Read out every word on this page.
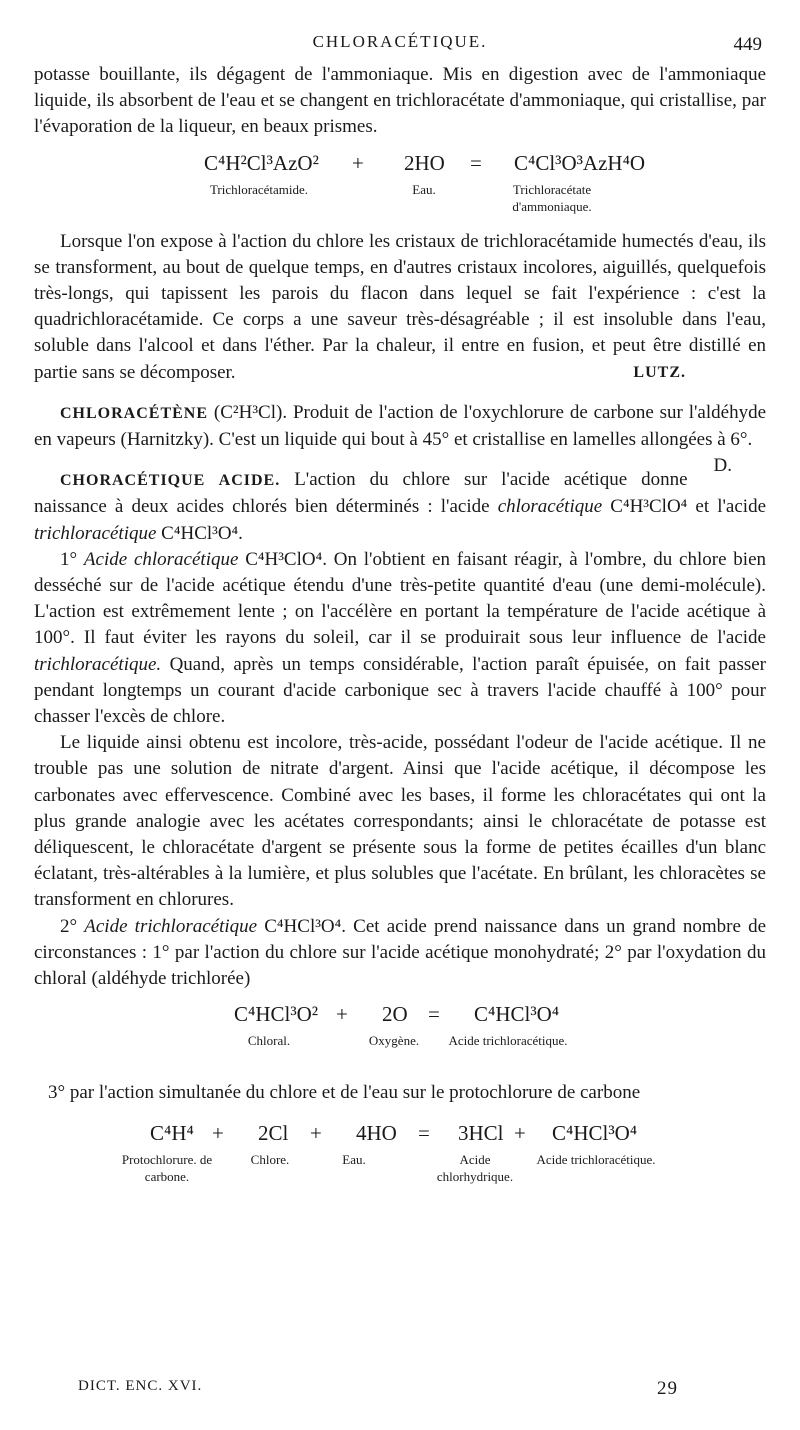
CHLORACÉTIQUE.	449

potasse bouillante, ils dégagent de l'ammoniaque. Mis en digestion avec de l'ammoniaque liquide, ils absorbent de l'eau et se changent en trichloracétate d'ammoniaque, qui cristallise, par l'évaporation de la liqueur, en beaux prismes.

C⁴H²Cl³AzO² + 2HO = C⁴Cl³O³AzH⁴O
Trichloracétamide.	Eau.	Trichloracétate d'ammoniaque.

Lorsque l'on expose à l'action du chlore les cristaux de trichloracétamide humectés d'eau, ils se transforment, au bout de quelque temps, en d'autres cristaux incolores, aiguillés, quelquefois très-longs, qui tapissent les parois du flacon dans lequel se fait l'expérience : c'est la quadrichloracétamide. Ce corps a une saveur très-désagréable ; il est insoluble dans l'eau, soluble dans l'alcool et dans l'éther. Par la chaleur, il entre en fusion, et peut être distillé en partie sans se décomposer.	LUTZ.

CHLORACÉTÈNE (C²H³Cl). Produit de l'action de l'oxychlorure de carbone sur l'aldéhyde en vapeurs (Harnitzky). C'est un liquide qui bout à 45° et cristallise en lamelles allongées à 6°.
D.

CHORACÉTIQUE ACIDE. L'action du chlore sur l'acide acétique donne naissance à deux acides chlorés bien déterminés : l'acide chloracétique C⁴H³ClO⁴ et l'acide trichloracétique C⁴HCl³O⁴.

1° Acide chloracétique C⁴H³ClO⁴. On l'obtient en faisant réagir, à l'ombre, du chlore bien desséché sur de l'acide acétique étendu d'une très-petite quantité d'eau (une demi-molécule). L'action est extrêmement lente ; on l'accélère en portant la température de l'acide acétique à 100°. Il faut éviter les rayons du soleil, car il se produirait sous leur influence de l'acide trichloracétique. Quand, après un temps considérable, l'action paraît épuisée, on fait passer pendant longtemps un courant d'acide carbonique sec à travers l'acide chauffé à 100° pour chasser l'excès de chlore.

Le liquide ainsi obtenu est incolore, très-acide, possédant l'odeur de l'acide acétique. Il ne trouble pas une solution de nitrate d'argent. Ainsi que l'acide acétique, il décompose les carbonates avec effervescence. Combiné avec les bases, il forme les chloracétates qui ont la plus grande analogie avec les acétates correspondants; ainsi le chloracétate de potasse est déliquescent, le chloracétate d'argent se présente sous la forme de petites écailles d'un blanc éclatant, très-altérables à la lumière, et plus solubles que l'acétate. En brûlant, les chloracètes se transforment en chlorures.

2° Acide trichloracétique C⁴HCl³O⁴. Cet acide prend naissance dans un grand nombre de circonstances : 1° par l'action du chlore sur l'acide acétique monohydraté; 2° par l'oxydation du chloral (aldéhyde trichlorée)

C⁴HCl³O² + 2O = C⁴HCl³O⁴
Chloral.	Oxygène.	Acide trichloracétique.

3° par l'action simultanée du chlore et de l'eau sur le protochlorure de carbone

C⁴H⁴ + 2Cl + 4HO = 3HCl + C⁴HCl³O⁴
Protochlorure. de carbone.
Chlore.	Eau.	Acide chlorhydrique.
Acide trichloracétique.
DICT. ENC. XVI.	29
